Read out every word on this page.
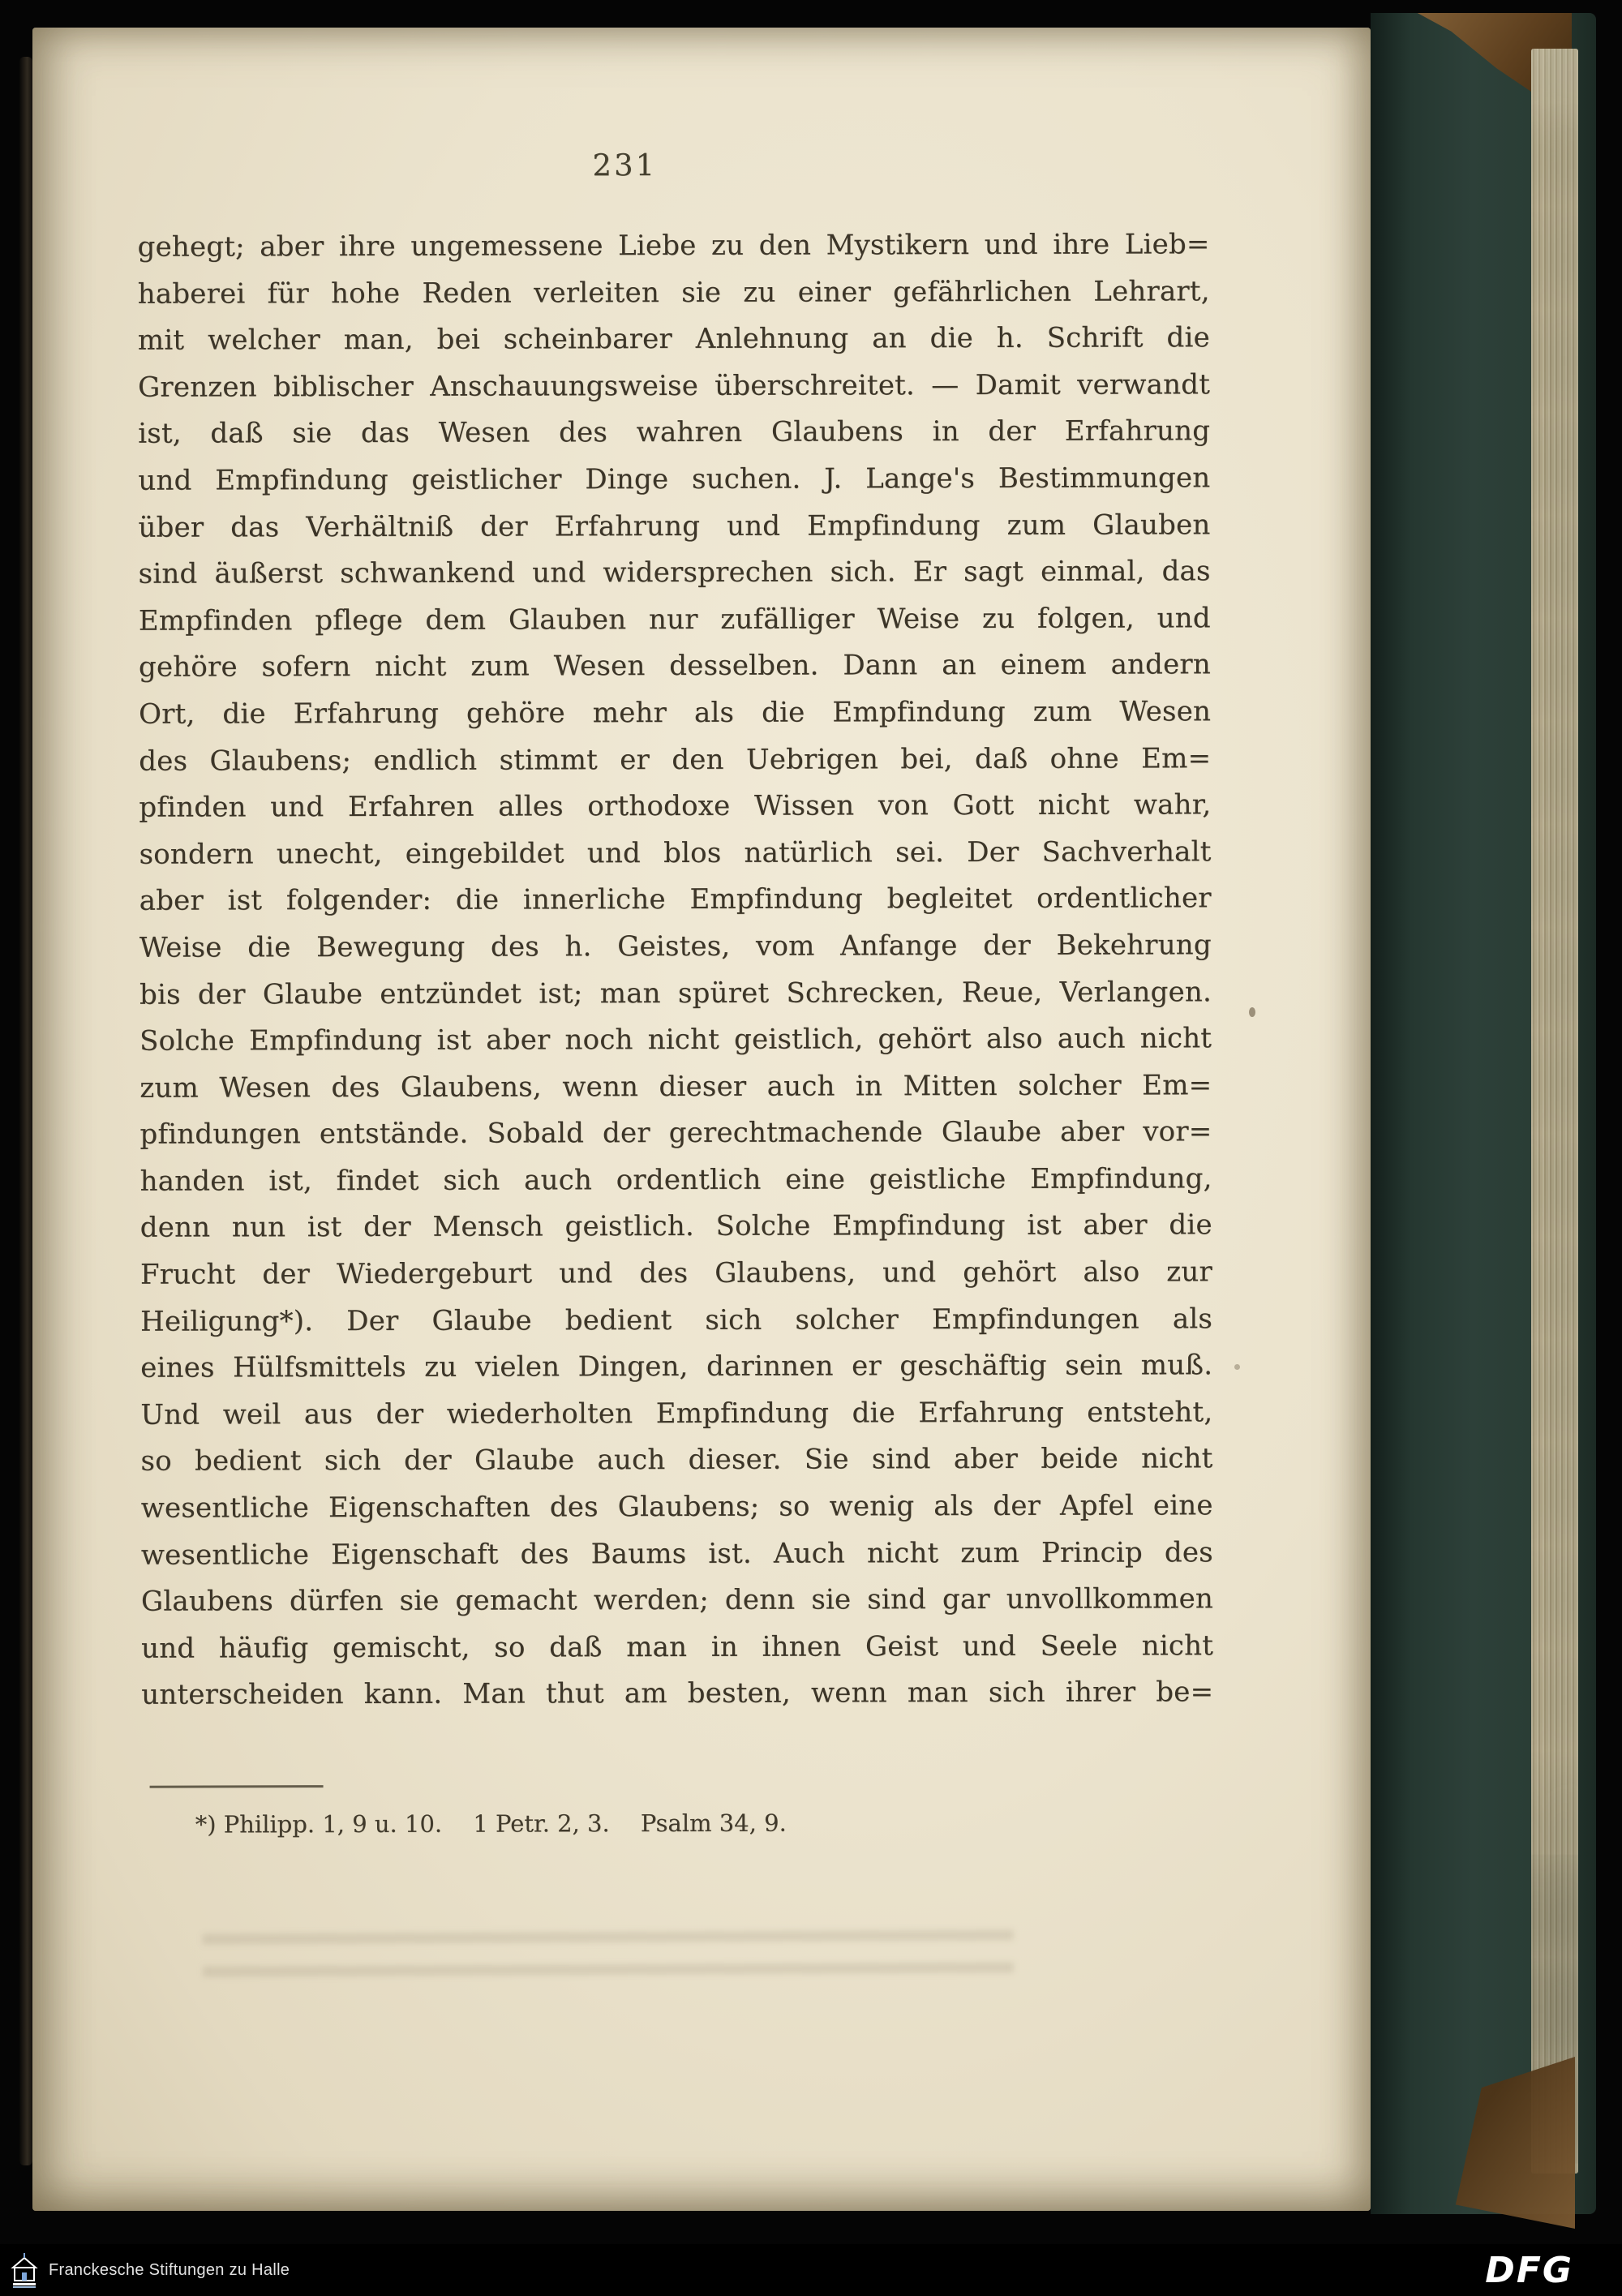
231
gehegt; aber ihre ungemessene Liebe zu den Mystikern und ihre Lieb=
haberei für hohe Reden verleiten sie zu einer gefährlichen Lehrart,
mit welcher man, bei scheinbarer Anlehnung an die h. Schrift die
Grenzen biblischer Anschauungsweise überschreitet. — Damit verwandt
ist, daß sie das Wesen des wahren Glaubens in der Erfahrung
und Empfindung geistlicher Dinge suchen. J. Lange's Bestimmungen
über das Verhältniß der Erfahrung und Empfindung zum Glauben
sind äußerst schwankend und widersprechen sich. Er sagt einmal, das
Empfinden pflege dem Glauben nur zufälliger Weise zu folgen, und
gehöre sofern nicht zum Wesen desselben. Dann an einem andern
Ort, die Erfahrung gehöre mehr als die Empfindung zum Wesen
des Glaubens; endlich stimmt er den Uebrigen bei, daß ohne Em=
pfinden und Erfahren alles orthodoxe Wissen von Gott nicht wahr,
sondern unecht, eingebildet und blos natürlich sei. Der Sachverhalt
aber ist folgender: die innerliche Empfindung begleitet ordentlicher
Weise die Bewegung des h. Geistes, vom Anfange der Bekehrung
bis der Glaube entzündet ist; man spüret Schrecken, Reue, Verlangen.
Solche Empfindung ist aber noch nicht geistlich, gehört also auch nicht
zum Wesen des Glaubens, wenn dieser auch in Mitten solcher Em=
pfindungen entstände. Sobald der gerechtmachende Glaube aber vor=
handen ist, findet sich auch ordentlich eine geistliche Empfindung,
denn nun ist der Mensch geistlich. Solche Empfindung ist aber die
Frucht der Wiedergeburt und des Glaubens, und gehört also zur
Heiligung*). Der Glaube bedient sich solcher Empfindungen als
eines Hülfsmittels zu vielen Dingen, darinnen er geschäftig sein muß.
Und weil aus der wiederholten Empfindung die Erfahrung entsteht,
so bedient sich der Glaube auch dieser. Sie sind aber beide nicht
wesentliche Eigenschaften des Glaubens; so wenig als der Apfel eine
wesentliche Eigenschaft des Baums ist. Auch nicht zum Princip des
Glaubens dürfen sie gemacht werden; denn sie sind gar unvollkommen
und häufig gemischt, so daß man in ihnen Geist und Seele nicht
unterscheiden kann. Man thut am besten, wenn man sich ihrer be=
*) Philipp. 1, 9 u. 10.  1 Petr. 2, 3.  Psalm 34, 9.
Franckesche Stiftungen zu Halle	DFG
